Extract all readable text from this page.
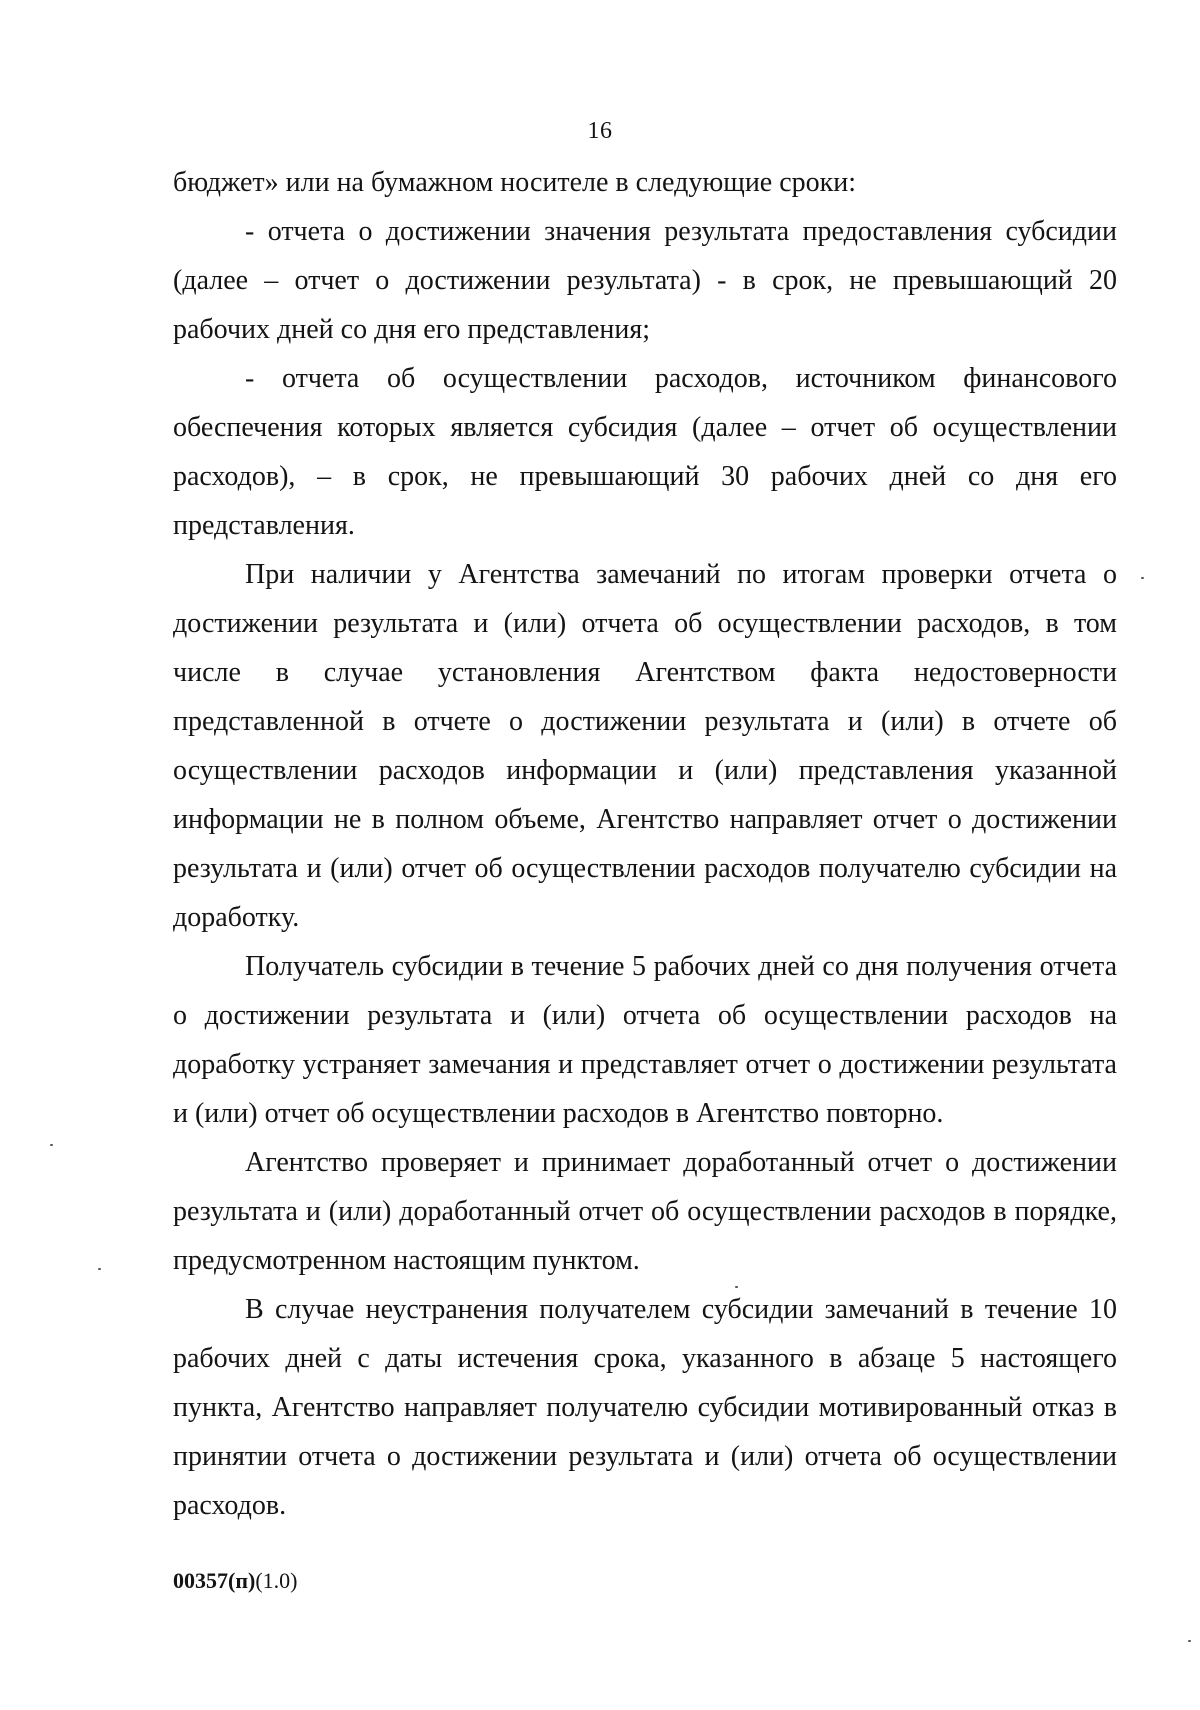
16

бюджет» или на бумажном носителе в следующие сроки:

- отчета о достижении значения результата предоставления субсидии (далее – отчет о достижении результата) - в срок, не превышающий 20 рабочих дней со дня его представления;

- отчета об осуществлении расходов, источником финансового обеспечения которых является субсидия (далее – отчет об осуществлении расходов), – в срок, не превышающий 30 рабочих дней со дня его представления.

При наличии у Агентства замечаний по итогам проверки отчета о достижении результата и (или) отчета об осуществлении расходов, в том числе в случае установления Агентством факта недостоверности представленной в отчете о достижении результата и (или) в отчете об осуществлении расходов информации и (или) представления указанной информации не в полном объеме, Агентство направляет отчет о достижении результата и (или) отчет об осуществлении расходов получателю субсидии на доработку.

Получатель субсидии в течение 5 рабочих дней со дня получения отчета о достижении результата и (или) отчета об осуществлении расходов на доработку устраняет замечания и представляет отчет о достижении результата и (или) отчет об осуществлении расходов в Агентство повторно.

Агентство проверяет и принимает доработанный отчет о достижении результата и (или) доработанный отчет об осуществлении расходов в порядке, предусмотренном настоящим пунктом.

В случае неустранения получателем субсидии замечаний в течение 10 рабочих дней с даты истечения срока, указанного в абзаце 5 настоящего пункта, Агентство направляет получателю субсидии мотивированный отказ в принятии отчета о достижении результата и (или) отчета об осуществлении расходов.

00357(п)(1.0)
